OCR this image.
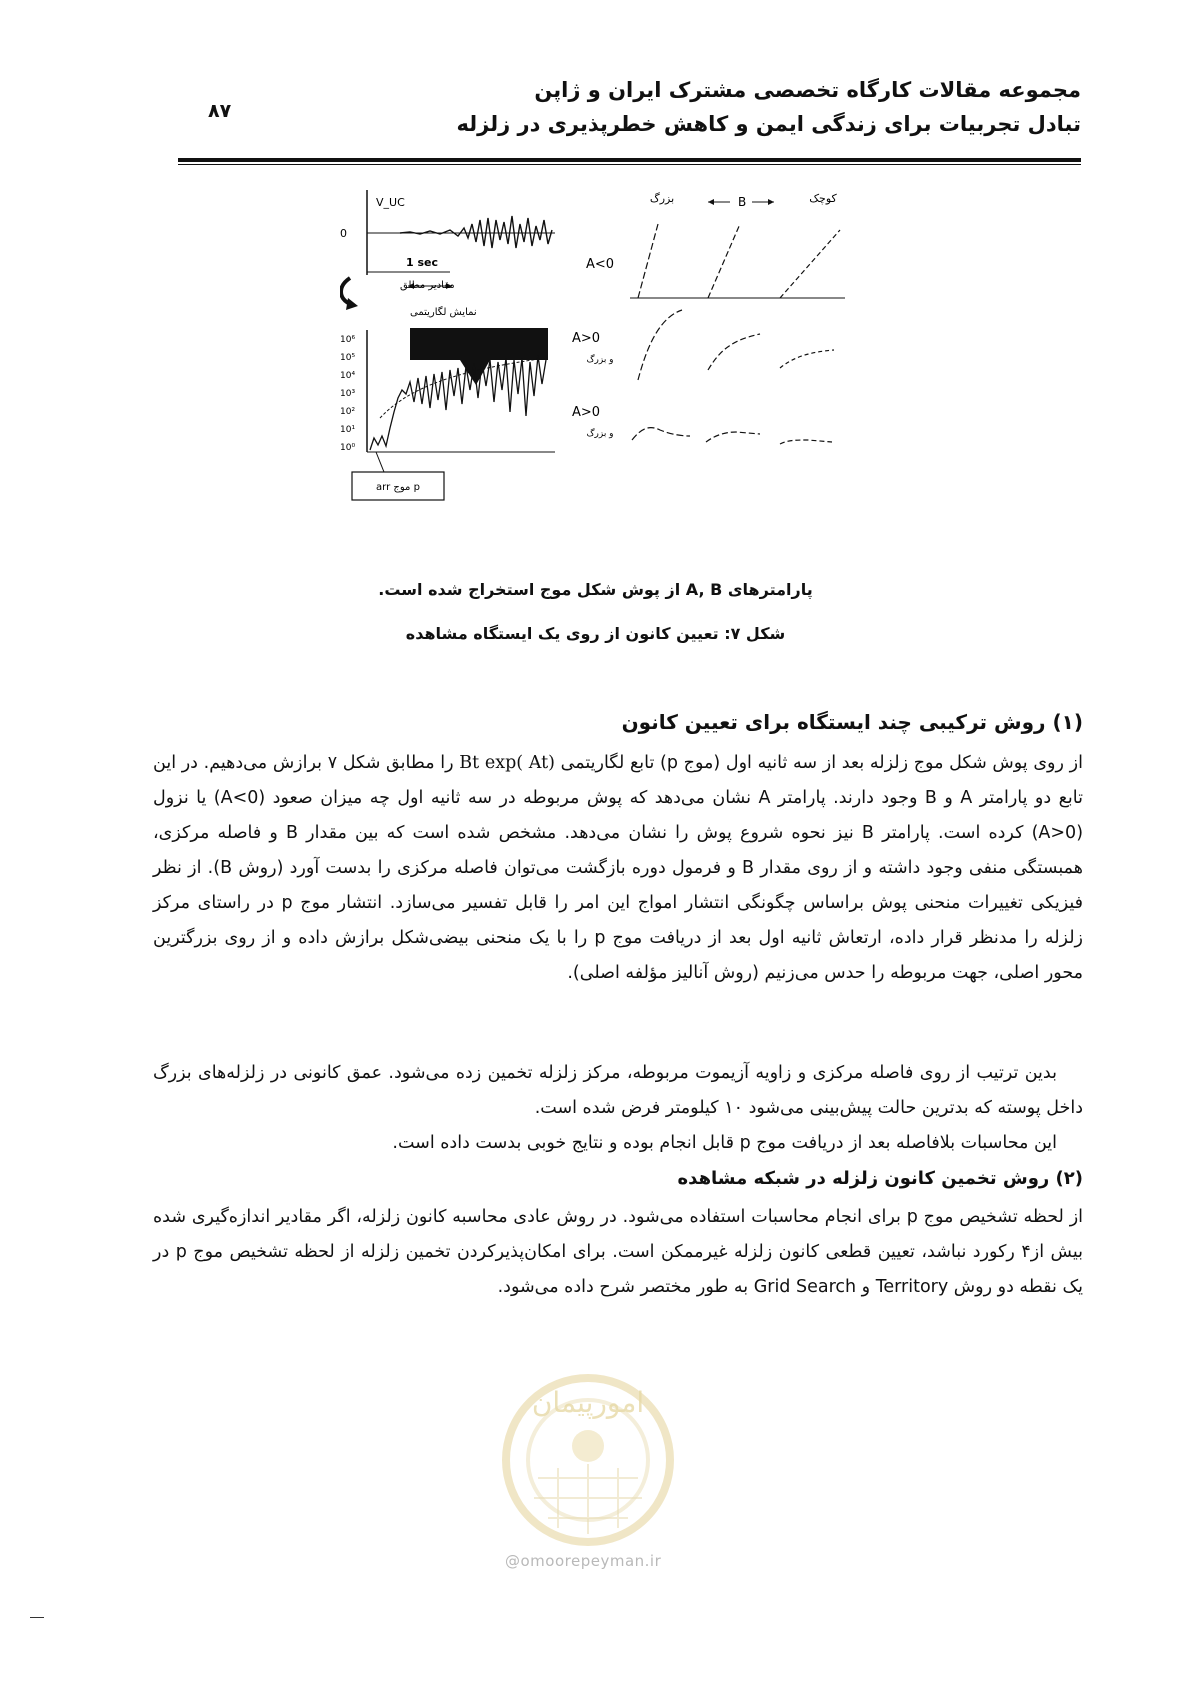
مجموعه مقالات کارگاه تخصصی مشترک ایران و ژاپن
تبادل تجربیات برای زندگی ایمن و کاهش خطرپذیری در زلزله
۸۷
V_UC
0
1 sec
مقادیر مطلق
نمایش لگاریتمی
10⁶
10⁵
10⁴
10³
10²
10¹
10⁰
p موج arr
کوچک
بزرگ	B
A<0
A>0
و بزرگ
A>0
و بزرگ
پارامترهای A, B از پوش شکل موج استخراج شده است.
شکل ۷: تعیین کانون از روی یک ایستگاه مشاهده
(۱) روش ترکیبی چند ایستگاه برای تعیین کانون
از روی پوش شکل موج زلزله بعد از سه ثانیه اول (موج p) تابع لگاریتمی Bt exp( At) را مطابق شکل ۷ برازش می‌دهیم. در این تابع دو پارامتر A و B وجود دارند. پارامتر A نشان می‌دهد که پوش مربوطه در سه ثانیه اول چه میزان صعود (A<0) یا نزول (A>0) کرده است. پارامتر B نیز نحوه شروع پوش را نشان می‌دهد. مشخص شده است که بین مقدار B و فاصله مرکزی، همبستگی منفی وجود داشته و از روی مقدار B و فرمول دوره بازگشت می‌توان فاصله مرکزی را بدست آورد (روش B). از نظر فیزیکی تغییرات منحنی پوش براساس چگونگی انتشار امواج این امر را قابل تفسیر می‌سازد. انتشار موج p در راستای مرکز زلزله را مدنظر قرار داده، ارتعاش ثانیه اول بعد از دریافت موج p را با یک منحنی بیضی‌شکل برازش داده و از روی بزرگترین محور اصلی، جهت مربوطه را حدس می‌زنیم (روش آنالیز مؤلفه اصلی).
بدین ترتیب از روی فاصله مرکزی و زاویه آزیموت مربوطه، مرکز زلزله تخمین زده می‌شود. عمق کانونی در زلزله‌های بزرگ داخل پوسته که بدترین حالت پیش‌بینی می‌شود ۱۰ کیلومتر فرض شده است.
این محاسبات بلافاصله بعد از دریافت موج p قابل انجام بوده و نتایج خوبی بدست داده است.
(۲) روش تخمین کانون زلزله در شبکه مشاهده
از لحظه تشخیص موج p برای انجام محاسبات استفاده می‌شود. در روش عادی محاسبه کانون زلزله، اگر مقادیر اندازه‌گیری شده بیش از۴ رکورد نباشد، تعیین قطعی کانون زلزله غیرممکن است. برای امکان‌پذیرکردن تخمین زلزله از لحظه تشخیص موج p در یک نقطه دو روش Territory و Grid Search به طور مختصر شرح داده می‌شود.
امورپیمان
@omoorepeyman.ir
